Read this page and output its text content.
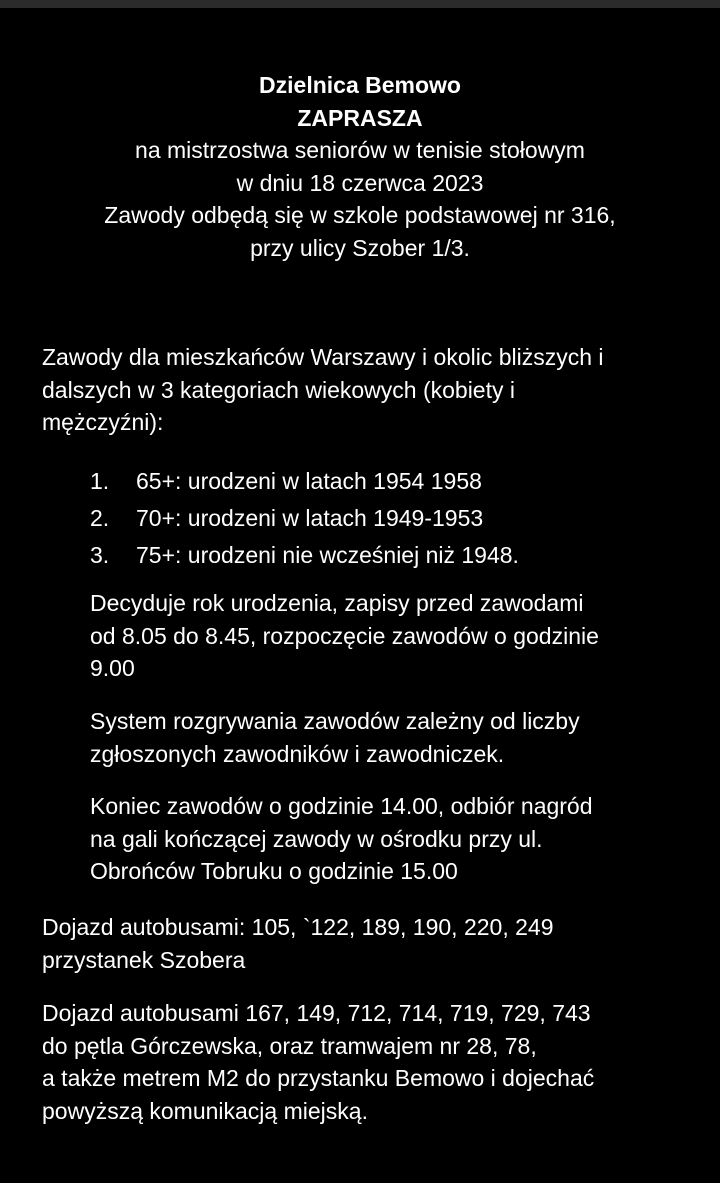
Dzielnica Bemowo
ZAPRASZA
na mistrzostwa seniorów w tenisie stołowym
w dniu 18 czerwca 2023
Zawody odbędą się w szkole podstawowej nr 316,
przy ulicy Szober 1/3.
Zawody dla mieszkańców Warszawy i okolic bliższych i
dalszych w 3 kategoriach wiekowych (kobiety i
mężczyźni):
1. 65+: urodzeni w latach 1954 1958
2. 70+: urodzeni w latach 1949-1953
3. 75+: urodzeni nie wcześniej niż 1948.
Decyduje rok urodzenia, zapisy przed zawodami
od 8.05 do 8.45, rozpoczęcie zawodów o godzinie
9.00
System rozgrywania zawodów zależny od liczby
zgłoszonych zawodników i zawodniczek.
Koniec zawodów o godzinie 14.00, odbiór nagród
na gali kończącej zawody w ośrodku przy ul.
Obrońców Tobruku o godzinie 15.00
Dojazd autobusami: 105, `122, 189, 190, 220, 249
przystanek Szobera
Dojazd autobusami 167, 149, 712, 714, 719, 729, 743
do pętla Górczewska, oraz tramwajem nr 28, 78,
a także metrem M2 do przystanku Bemowo i dojechać
powyższą komunikacją miejską.
